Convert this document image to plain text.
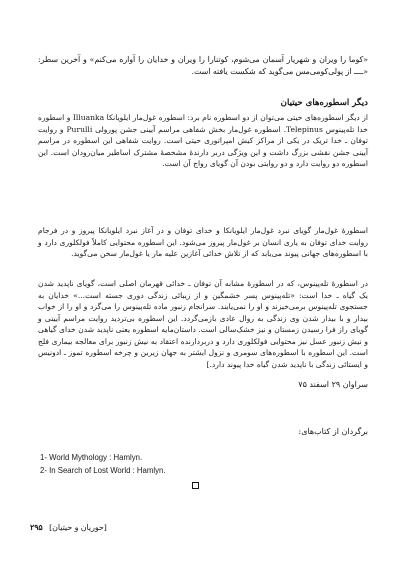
«کوما را ویران و شهریار آسمان می‌شوم، کوتنارا را ویران و خدایان را آواره می‌کنم» و آخرین سطر: «ــــ از پولی‌کومی‌مس می‌گوید که شکست یافته است.

دیگر اسطوره‌های حیتیان

از دیگر اسطوره‌های حیتی می‌توان از دو اسطوره نام برد: اسطوره غول‌مار ایلویانکا Illuanka و اسطوره خدا تله‌پینوس Telepinus. اسطوره غول‌مار بخش شفاهی مراسم آیینی جشن پورولی Purulli و روایت توفان ـ خدا تریک در یکی از مراکز کیش امپراتوری حیتی است. روایت شفاهی این اسطوره در مراسم آیینی جشن نقشی بزرگ داشت و این ویژگی دربر دارندهٔ مشخصهٔ مشترک اساطیر میان‌رودان است. این اسطوره دو روایت دارد و دو روایتی بودن آن گویای رواج آن است.

اسطورهٔ غول‌مار گویای نبرد غول‌مار ایلویانکا و خدای توفان و در آغاز نبرد ایلویانکا پیروز و در فرجام روایت خدای توفان به یاری انسان بر غول‌مار پیروز می‌شود. این اسطوره محتوایی کاملاً فولکلوری دارد و با اسطوره‌های جهانی پیوند می‌یابد که از تلاش خدائی آغازین علیه مار یا غول‌مار سخن می‌گوید.

در اسطورهٔ تله‌پینوس، که در اسطورهٔ مشابه آن توفان ـ خدائی قهرمان اصلی است، گویای ناپدید شدن یک گیاه ـ خدا است: «تله‌پینوس پسر خشمگین و از زیبائی زندگی دوری جسته است...» خدایان به جستجوی تله‌پینوس برمی‌خیزند و او را نمی‌یابند. سرانجام زنبور ماده تله‌پینوس را می‌گزد و او را از خواب بیدار و با بیدار شدن وی زندگی به روال عادی بازمی‌گردد. این اسطوره بی‌تردید روایت مراسم آیینی و گویای راز فرا رسیدن زمستان و نیز خشک‌سالی است. داستان‌مایه اسطوره یعنی ناپدید شدن خدای گیاهی و نیش زنبور عسل نیز محتوایی فولکلوری دارد و دربردارنده اعتقاد به نیش زنبور برای معالجه بیماری فلج است. این اسطوره با اسطوره‌های سومری و نزول ایشتر به جهان زیرین و چرخه اسطوره تموز ـ ادونیس و ایستائی زندگی با ناپدید شدن گیاه خدا پیوند دارد.]

سراوان ۲۹ اسفند ۷۵
برگردان از کتاب‌های:
1- World Mythology : Hamlyn.
2- In Search of Lost World : Hamlyn.
۲۹۵ [حوریان و حیتیان]
